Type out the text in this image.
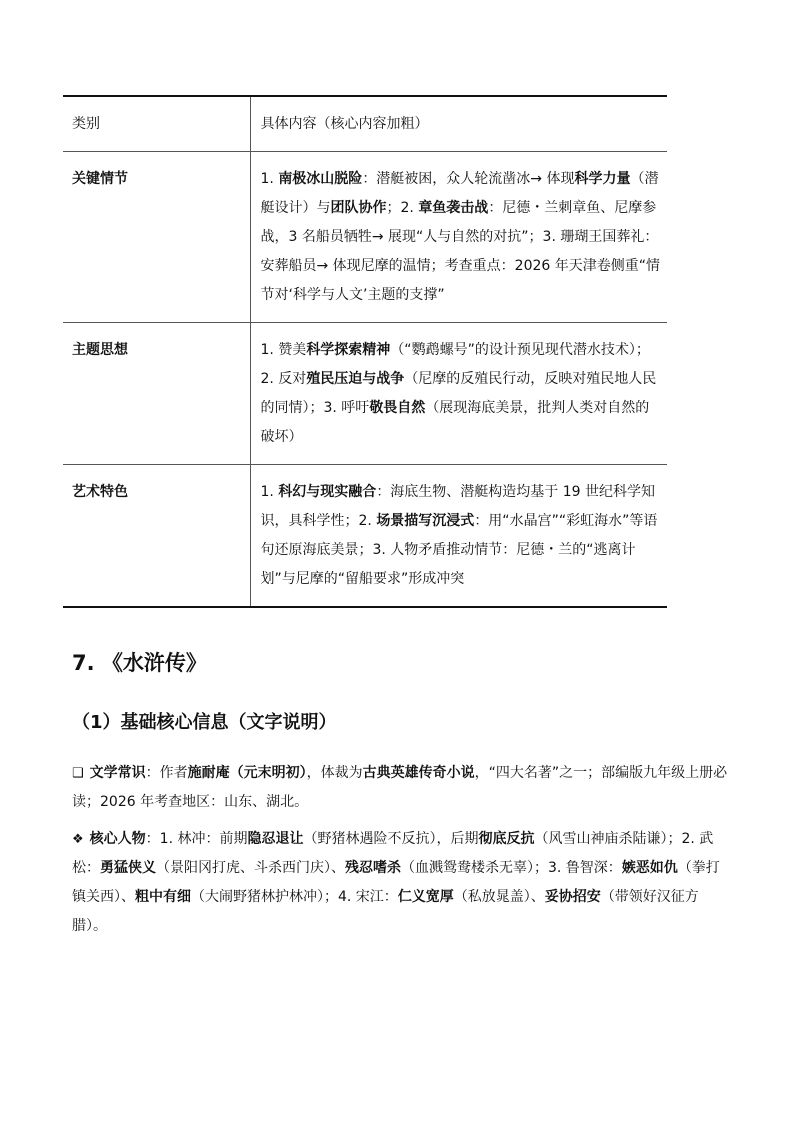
类别	具体内容（核心内容加粗）
关键情节	1. 南极冰山脱险：潜艇被困，众人轮流凿冰→ 体现科学力量（潜艇设计）与团队协作；2. 章鱼袭击战：尼德・兰刺章鱼、尼摩参战，3 名船员牺牲→ 展现“人与自然的对抗”；3. 珊瑚王国葬礼：安葬船员→ 体现尼摩的温情；考查重点：2026 年天津卷侧重“情节对‘科学与人文’主题的支撑”
主题思想	1. 赞美科学探索精神（“鹦鹉螺号”的设计预见现代潜水技术）；2. 反对殖民压迫与战争（尼摩的反殖民行动，反映对殖民地人民的同情）；3. 呼吁敬畏自然（展现海底美景，批判人类对自然的破坏）
艺术特色	1. 科幻与现实融合：海底生物、潜艇构造均基于 19 世纪科学知识，具科学性；2. 场景描写沉浸式：用“水晶宫”“彩虹海水”等语句还原海底美景；3. 人物矛盾推动情节：尼德・兰的“逃离计划”与尼摩的“留船要求”形成冲突
7. 《水浒传》
（1）基础核心信息（文字说明）

❑ 文学常识：作者施耐庵（元末明初），体裁为古典英雄传奇小说，“四大名著”之一；部编版九年级上册必读；2026 年考查地区：山东、湖北。

❖ 核心人物：1. 林冲：前期隐忍退让（野猪林遇险不反抗），后期彻底反抗（风雪山神庙杀陆谦）；2. 武松：勇猛侠义（景阳冈打虎、斗杀西门庆）、残忍嗜杀（血溅鸳鸯楼杀无辜）；3. 鲁智深：嫉恶如仇（拳打镇关西）、粗中有细（大闹野猪林护林冲）；4. 宋江：仁义宽厚（私放晁盖）、妥协招安（带领好汉征方腊）。
